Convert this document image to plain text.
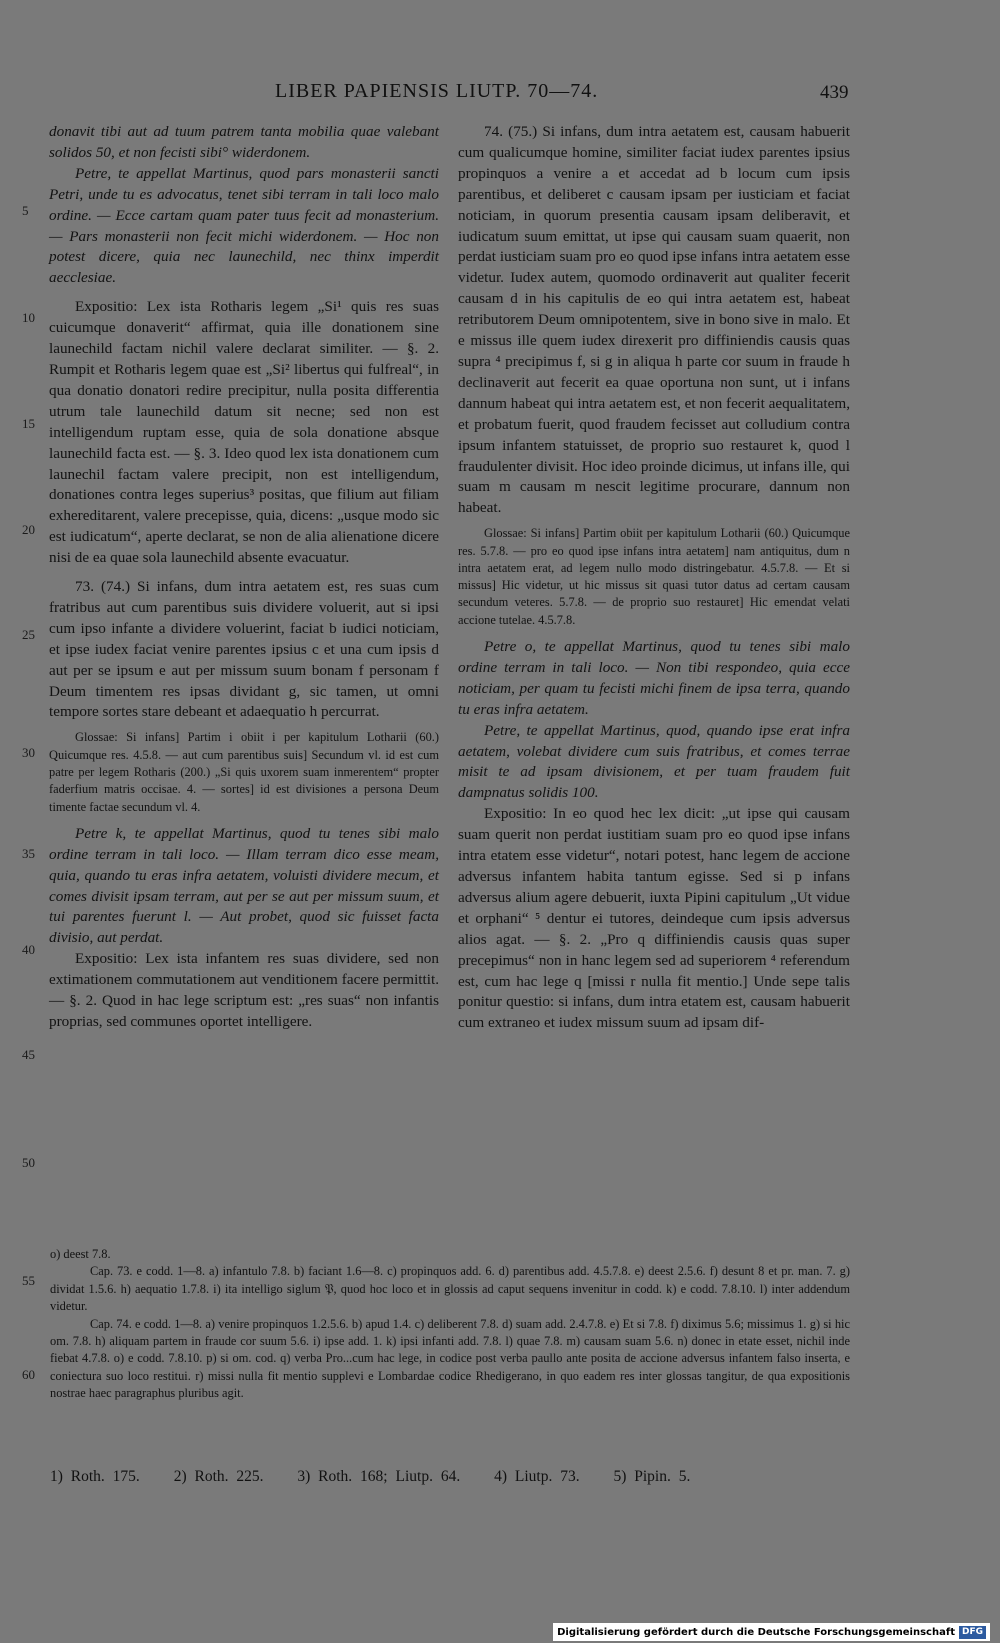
LIBER PAPIENSIS LIUTP. 70—74.	439
5
10
15
20
25
30
35
40
45
50
55
60

donavit tibi aut ad tuum patrem tanta mobilia quae valebant solidos 50, et non fecisti sibi° widerdonem.

Petre, te appellat Martinus, quod pars monasterii sancti Petri, unde tu es advocatus, tenet sibi terram in tali loco malo ordine. — Ecce cartam quam pater tuus fecit ad monasterium. — Pars monasterii non fecit michi widerdonem. — Hoc non potest dicere, quia nec launechild, nec thinx imperdit aecclesiae.

Expositio: Lex ista Rotharis legem „Si¹ quis res suas cuicumque donaverit“ affirmat, quia ille donationem sine launechild factam nichil valere declarat similiter. — §. 2. Rumpit et Rotharis legem quae est „Si² libertus qui fulfreal“, in qua donatio donatori redire precipitur, nulla posita differentia utrum tale launechild datum sit necne; sed non est intelligendum ruptam esse, quia de sola donatione absque launechild facta est. — §. 3. Ideo quod lex ista donationem cum launechil factam valere precipit, non est intelligendum, donationes contra leges superius³ positas, que filium aut filiam exhereditarent, valere precepisse, quia, dicens: „usque modo sic est iudicatum“, aperte declarat, se non de alia alienatione dicere nisi de ea quae sola launechild absente evacuatur.

73. (74.) Si infans, dum intra aetatem est, res suas cum fratribus aut cum parentibus suis dividere voluerit, aut si ipsi cum ipso infante a dividere voluerint, faciat b iudici noticiam, et ipse iudex faciat venire parentes ipsius c et una cum ipsis d aut per se ipsum e aut per missum suum bonam f personam f Deum timentem res ipsas dividant g, sic tamen, ut omni tempore sortes stare debeant et adaequatio h percurrat.

Glossae: Si infans] Partim i obiit i per kapitulum Lotharii (60.) Quicumque res. 4.5.8. — aut cum parentibus suis] Secundum vl. id est cum patre per legem Rotharis (200.) „Si quis uxorem suam inmerentem“ propter faderfium matris occisae. 4. — sortes] id est divisiones a persona Deum timente factae secundum vl. 4.

Petre k, te appellat Martinus, quod tu tenes sibi malo ordine terram in tali loco. — Illam terram dico esse meam, quia, quando tu eras infra aetatem, voluisti dividere mecum, et comes divisit ipsam terram, aut per se aut per missum suum, et tui parentes fuerunt l. — Aut probet, quod sic fuisset facta divisio, aut perdat.

Expositio: Lex ista infantem res suas dividere, sed non extimationem commutationem aut venditionem facere permittit. — §. 2. Quod in hac lege scriptum est: „res suas“ non infantis proprias, sed communes oportet intelligere.

74. (75.) Si infans, dum intra aetatem est, causam habuerit cum qualicumque homine, similiter faciat iudex parentes ipsius propinquos a venire a et accedat ad b locum cum ipsis parentibus, et deliberet c causam ipsam per iusticiam et faciat noticiam, in quorum presentia causam ipsam deliberavit, et iudicatum suum emittat, ut ipse qui causam suam quaerit, non perdat iusticiam suam pro eo quod ipse infans intra aetatem esse videtur. Iudex autem, quomodo ordinaverit aut qualiter fecerit causam d in his capitulis de eo qui intra aetatem est, habeat retributorem Deum omnipotentem, sive in bono sive in malo. Et e missus ille quem iudex direxerit pro diffiniendis causis quas supra ⁴ precipimus f, si g in aliqua h parte cor suum in fraude h declinaverit aut fecerit ea quae oportuna non sunt, ut i infans dannum habeat qui intra aetatem est, et non fecerit aequalitatem, et probatum fuerit, quod fraudem fecisset aut colludium contra ipsum infantem statuisset, de proprio suo restauret k, quod l fraudulenter divisit. Hoc ideo proinde dicimus, ut infans ille, qui suam m causam m nescit legitime procurare, dannum non habeat.

Glossae: Si infans] Partim obiit per kapitulum Lotharii (60.) Quicumque res. 5.7.8. — pro eo quod ipse infans intra aetatem] nam antiquitus, dum n intra aetatem erat, ad legem nullo modo distringebatur. 4.5.7.8. — Et si missus] Hic videtur, ut hic missus sit quasi tutor datus ad certam causam secundum veteres. 5.7.8. — de proprio suo restauret] Hic emendat velati accione tutelae. 4.5.7.8.

Petre o, te appellat Martinus, quod tu tenes sibi malo ordine terram in tali loco. — Non tibi respondeo, quia ecce noticiam, per quam tu fecisti michi finem de ipsa terra, quando tu eras infra aetatem.

Petre, te appellat Martinus, quod, quando ipse erat infra aetatem, volebat dividere cum suis fratribus, et comes terrae misit te ad ipsam divisionem, et per tuam fraudem fuit dampnatus solidis 100.

Expositio: In eo quod hec lex dicit: „ut ipse qui causam suam querit non perdat iustitiam suam pro eo quod ipse infans intra etatem esse videtur“, notari potest, hanc legem de accione adversus infantem habita tantum egisse. Sed si p infans adversus alium agere debuerit, iuxta Pipini capitulum „Ut vidue et orphani“ ⁵ dentur ei tutores, deindeque cum ipsis adversus alios agat. — §. 2. „Pro q diffiniendis causis quas super precepimus“ non in hanc legem sed ad superiorem ⁴ referendum est, cum hac lege q [missi r nulla fit mentio.] Unde sepe talis ponitur questio: si infans, dum intra etatem est, causam habuerit cum extraneo et iudex missum suum ad ipsam dif-

o) deest 7.8.

Cap. 73. e codd. 1—8. a) infantulo 7.8. b) faciant 1.6—8. c) propinquos add. 6. d) parentibus add. 4.5.7.8. e) deest 2.5.6. f) desunt 8 et pr. man. 7. g) dividat 1.5.6. h) aequatio 1.7.8. i) ita intelligo siglum 𝔓, quod hoc loco et in glossis ad caput sequens invenitur in codd. k) e codd. 7.8.10. l) inter addendum videtur.

Cap. 74. e codd. 1—8. a) venire propinquos 1.2.5.6. b) apud 1.4. c) deliberent 7.8. d) suam add. 2.4.7.8. e) Et si 7.8. f) diximus 5.6; missimus 1. g) si hic om. 7.8. h) aliquam partem in fraude cor suum 5.6. i) ipse add. 1. k) ipsi infanti add. 7.8. l) quae 7.8. m) causam suam 5.6. n) donec in etate esset, nichil inde fiebat 4.7.8. o) e codd. 7.8.10. p) si om. cod. q) verba Pro...cum hac lege, in codice post verba paullo ante posita de accione adversus infantem falso inserta, e coniectura suo loco restitui. r) missi nulla fit mentio supplevi e Lombardae codice Rhedigerano, in quo eadem res inter glossas tangitur, de qua expositionis nostrae haec paragraphus pluribus agit.

1) Roth. 175. 2) Roth. 225. 3) Roth. 168; Liutp. 64. 4) Liutp. 73. 5) Pipin. 5.
Digitalisierung gefördert durch die Deutsche Forschungsgemeinschaft DFG
